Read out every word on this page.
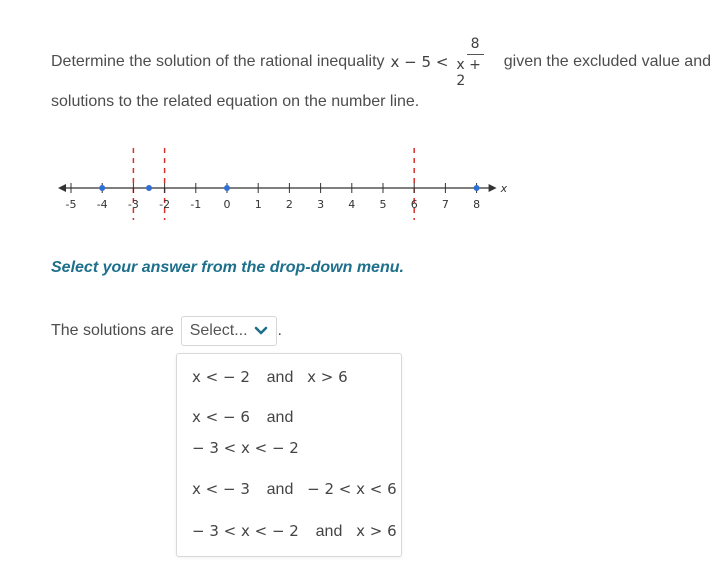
Determine the solution of the rational inequality $x - 5 < \frac{8}{x + 2}$ given the excluded value and
solutions to the related equation on the number line.
x
-5 -4 -3 -2 -1 0 1 2 3 4 5 6 7 8
Select your answer from the drop-down menu.
The solutions are Select... .
x < − 2 and x > 6
x < − 6 and
− 3 < x < − 2
x < − 3 and − 2 < x < 6
− 3 < x < − 2 and x > 6
